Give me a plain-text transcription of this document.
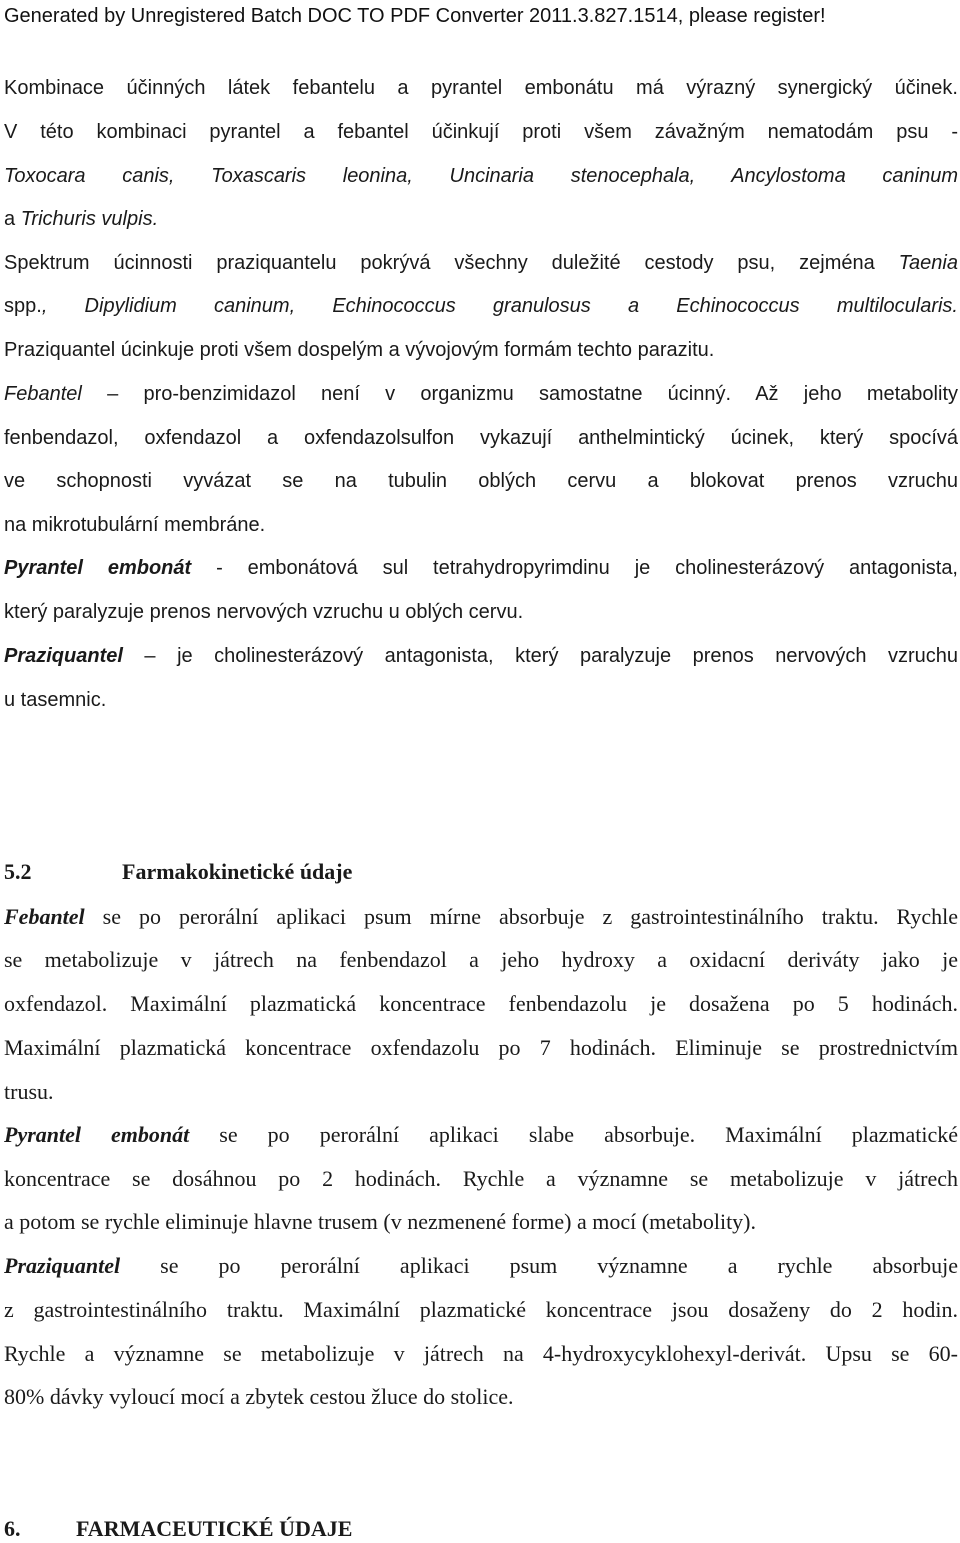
Generated by Unregistered Batch DOC TO PDF Converter 2011.3.827.1514, please register!
Kombinace účinných látek febantelu a pyrantel embonátu má výrazný synergický účinek.
V této kombinaci pyrantel a febantel účinkují proti všem závažným nematodám psu -
Toxocara canis, Toxascaris leonina, Uncinaria stenocephala, Ancylostoma caninum
a Trichuris vulpis.
Spektrum úcinnosti praziquantelu pokrývá všechny duležité cestody psu, zejména Taenia
spp., Dipylidium caninum, Echinococcus granulosus a Echinococcus multilocularis.
Praziquantel úcinkuje proti všem dospelým a vývojovým formám techto parazitu.
Febantel – pro-benzimidazol není v organizmu samostatne úcinný. Až jeho metabolity
fenbendazol, oxfendazol a oxfendazolsulfon vykazují anthelmintický úcinek, který spocívá
ve schopnosti vyvázat se na tubulin oblých cervu a blokovat prenos vzruchu
na mikrotubulární membráne.
Pyrantel embonát - embonátová sul tetrahydropyrimdinu je cholinesterázový antagonista,
který paralyzuje prenos nervových vzruchu u oblých cervu.
Praziquantel – je cholinesterázový antagonista, který paralyzuje prenos nervových vzruchu
u tasemnic.
5.2	Farmakokinetické údaje
Febantel se po perorální aplikaci psum mírne absorbuje z gastrointestinálního traktu. Rychle
se metabolizuje v játrech na fenbendazol a jeho hydroxy a oxidacní deriváty jako je
oxfendazol. Maximální plazmatická koncentrace fenbendazolu je dosažena po 5 hodinách.
Maximální plazmatická koncentrace oxfendazolu po 7 hodinách. Eliminuje se prostrednictvím
trusu.
Pyrantel embonát se po perorální aplikaci slabe absorbuje. Maximální plazmatické
koncentrace se dosáhnou po 2 hodinách. Rychle a významne se metabolizuje v játrech
a potom se rychle eliminuje hlavne trusem (v nezmenené forme) a mocí (metabolity).
Praziquantel se po perorální aplikaci psum významne a rychle absorbuje
z gastrointestinálního traktu. Maximální plazmatické koncentrace jsou dosaženy do 2 hodin.
Rychle a významne se metabolizuje v játrech na 4-hydroxycyklohexyl-derivát. Upsu se 60-
80% dávky vyloucí mocí a zbytek cestou žluce do stolice.
6.	FARMACEUTICKÉ ÚDAJE
